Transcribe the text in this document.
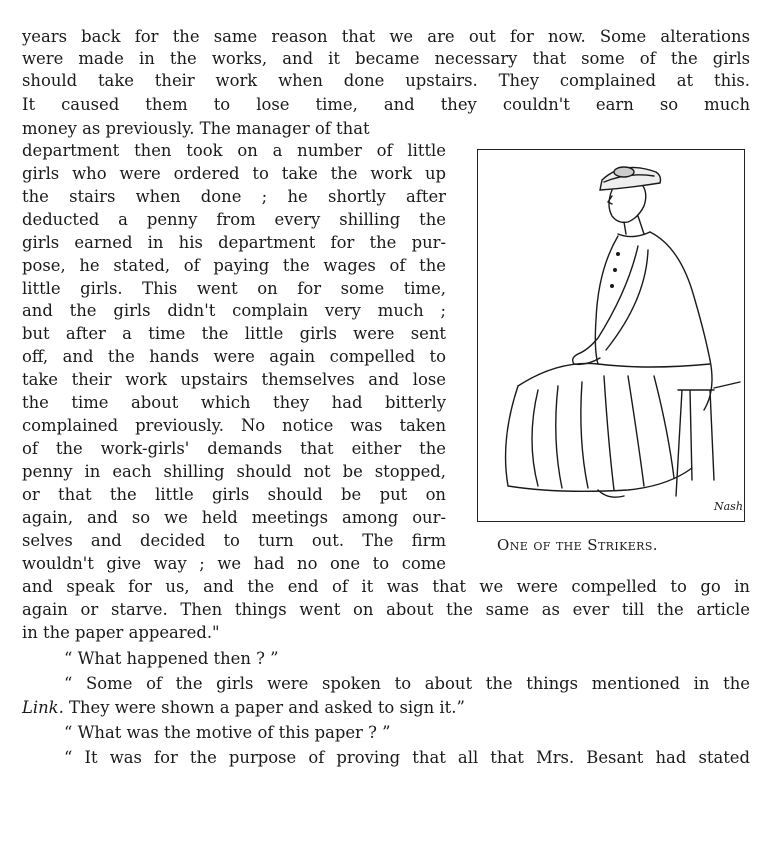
years back for the same reason that we are out for now. Some alterations
were made in the works, and it became necessary that some of the girls
should take their work when done upstairs. They complained at this.
It caused them to lose time, and they couldn't earn so much
money as previously. The manager of that
department then took on a number of little
girls who were ordered to take the work up
the stairs when done ; he shortly after
deducted a penny from every shilling the
girls earned in his department for the pur-
pose, he stated, of paying the wages of the
little girls. This went on for some time,
and the girls didn't complain very much ;
but after a time the little girls were sent
off, and the hands were again compelled to
take their work upstairs themselves and lose
the time about which they had bitterly
complained previously. No notice was taken
of the work-girls' demands that either the
penny in each shilling should not be stopped,
or that the little girls should be put on
again, and so we held meetings among our-
selves and decided to turn out. The firm
wouldn't give way ; we had no one to come
and speak for us, and the end of it was that we were compelled to go in
again or starve. Then things went on about the same as ever till the article
in the paper appeared."
“ What happened then ? ”
“ Some of the girls were spoken to about the things mentioned in the
Link. They were shown a paper and asked to sign it.”
“ What was the motive of this paper ? ”
“ It was for the purpose of proving that all that Mrs. Besant had stated
Nash
One of the Strikers.
